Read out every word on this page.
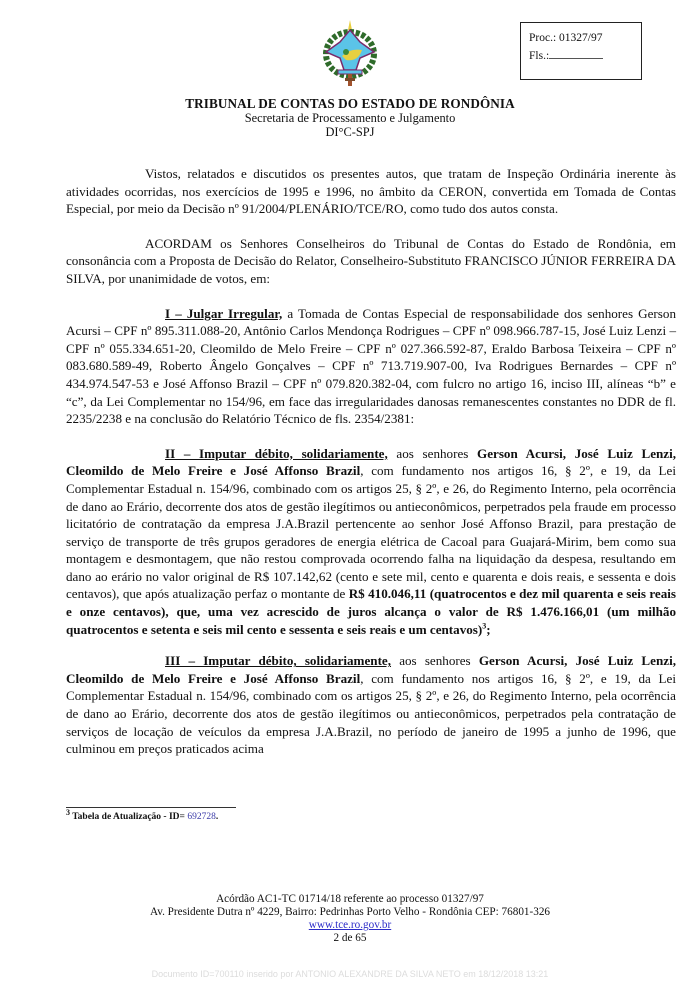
Proc.: 01327/97
Fls.:
TRIBUNAL DE CONTAS DO ESTADO DE RONDÔNIA
Secretaria de Processamento e Julgamento
DI°C-SPJ

Vistos, relatados e discutidos os presentes autos, que tratam de Inspeção Ordinária inerente às atividades ocorridas, nos exercícios de 1995 e 1996, no âmbito da CERON, convertida em Tomada de Contas Especial, por meio da Decisão nº 91/2004/PLENÁRIO/TCE/RO, como tudo dos autos consta.

ACORDAM os Senhores Conselheiros do Tribunal de Contas do Estado de Rondônia, em consonância com a Proposta de Decisão do Relator, Conselheiro-Substituto FRANCISCO JÚNIOR FERREIRA DA SILVA, por unanimidade de votos, em:

I – Julgar Irregular, a Tomada de Contas Especial de responsabilidade dos senhores Gerson Acursi – CPF nº 895.311.088-20, Antônio Carlos Mendonça Rodrigues – CPF nº 098.966.787-15, José Luiz Lenzi – CPF nº 055.334.651-20, Cleomildo de Melo Freire – CPF nº 027.366.592-87, Eraldo Barbosa Teixeira – CPF nº 083.680.589-49, Roberto Ângelo Gonçalves – CPF nº 713.719.907-00, Iva Rodrigues Bernardes – CPF nº 434.974.547-53 e José Affonso Brazil – CPF nº 079.820.382-04, com fulcro no artigo 16, inciso III, alíneas “b” e “c”, da Lei Complementar no 154/96, em face das irregularidades danosas remanescentes constantes no DDR de fl. 2235/2238 e na conclusão do Relatório Técnico de fls. 2354/2381:

II – Imputar débito, solidariamente, aos senhores Gerson Acursi, José Luiz Lenzi, Cleomildo de Melo Freire e José Affonso Brazil, com fundamento nos artigos 16, § 2º, e 19, da Lei Complementar Estadual n. 154/96, combinado com os artigos 25, § 2º, e 26, do Regimento Interno, pela ocorrência de dano ao Erário, decorrente dos atos de gestão ilegítimos ou antieconômicos, perpetrados pela fraude em processo licitatório de contratação da empresa J.A.Brazil pertencente ao senhor José Affonso Brazil, para prestação de serviço de transporte de três grupos geradores de energia elétrica de Cacoal para Guajará-Mirim, bem como sua montagem e desmontagem, que não restou comprovada ocorrendo falha na liquidação da despesa, resultando em dano ao erário no valor original de R$ 107.142,62 (cento e sete mil, cento e quarenta e dois reais, e sessenta e dois centavos), que após atualização perfaz o montante de R$ 410.046,11 (quatrocentos e dez mil quarenta e seis reais e onze centavos), que, uma vez acrescido de juros alcança o valor de R$ 1.476.166,01 (um milhão quatrocentos e setenta e seis mil cento e sessenta e seis reais e um centavos)$^3$;

III – Imputar débito, solidariamente, aos senhores Gerson Acursi, José Luiz Lenzi, Cleomildo de Melo Freire e José Affonso Brazil, com fundamento nos artigos 16, § 2º, e 19, da Lei Complementar Estadual n. 154/96, combinado com os artigos 25, § 2º, e 26, do Regimento Interno, pela ocorrência de dano ao Erário, decorrente dos atos de gestão ilegítimos ou antieconômicos, perpetrados pela contratação de serviços de locação de veículos da empresa J.A.Brazil, no período de janeiro de 1995 a junho de 1996, que culminou em preços praticados acima

$^3$ Tabela de Atualização - ID= 692728.
Acórdão AC1-TC 01714/18 referente ao processo 01327/97
Av. Presidente Dutra nº 4229, Bairro: Pedrinhas Porto Velho - Rondônia CEP: 76801-326
www.tce.ro.gov.br
2 de 65
Documento ID=700110 inserido por ANTONIO ALEXANDRE DA SILVA NETO em 18/12/2018 13:21
